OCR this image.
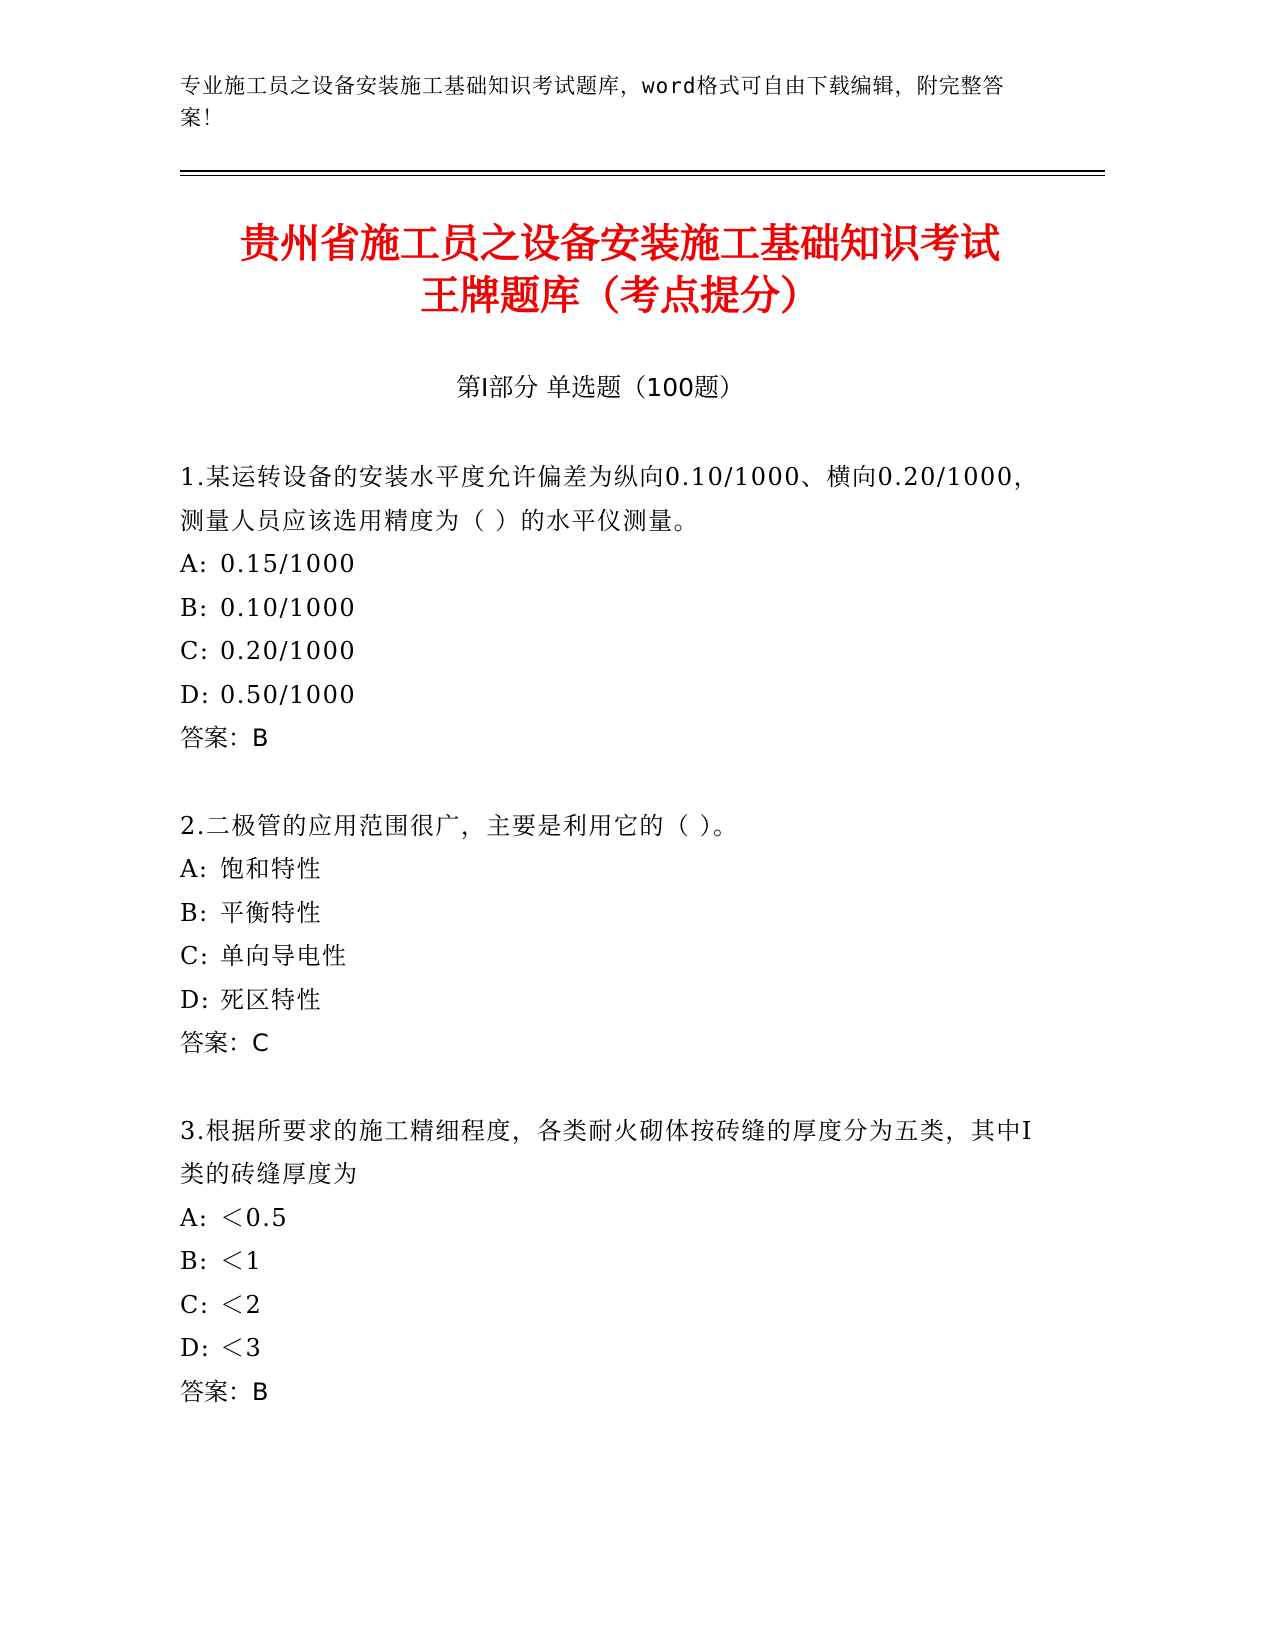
专业施工员之设备安装施工基础知识考试题库，word格式可自由下载编辑，附完整答案！
贵州省施工员之设备安装施工基础知识考试
王牌题库（考点提分）
第Ⅰ部分 单选题（100题）
1.某运转设备的安装水平度允许偏差为纵向0.10/1000、横向0.20/1000，测量人员应该选用精度为（ ）的水平仪测量。
A: 0.15/1000
B: 0.10/1000
C: 0.20/1000
D: 0.50/1000
答案：B
2.二极管的应用范围很广，主要是利用它的（ ）。
A: 饱和特性
B: 平衡特性
C: 单向导电性
D: 死区特性
答案：C
3.根据所要求的施工精细程度，各类耐火砌体按砖缝的厚度分为五类，其中Ⅰ类的砖缝厚度为
A: ＜0.5
B: ＜1
C: ＜2
D: ＜3
答案：B
